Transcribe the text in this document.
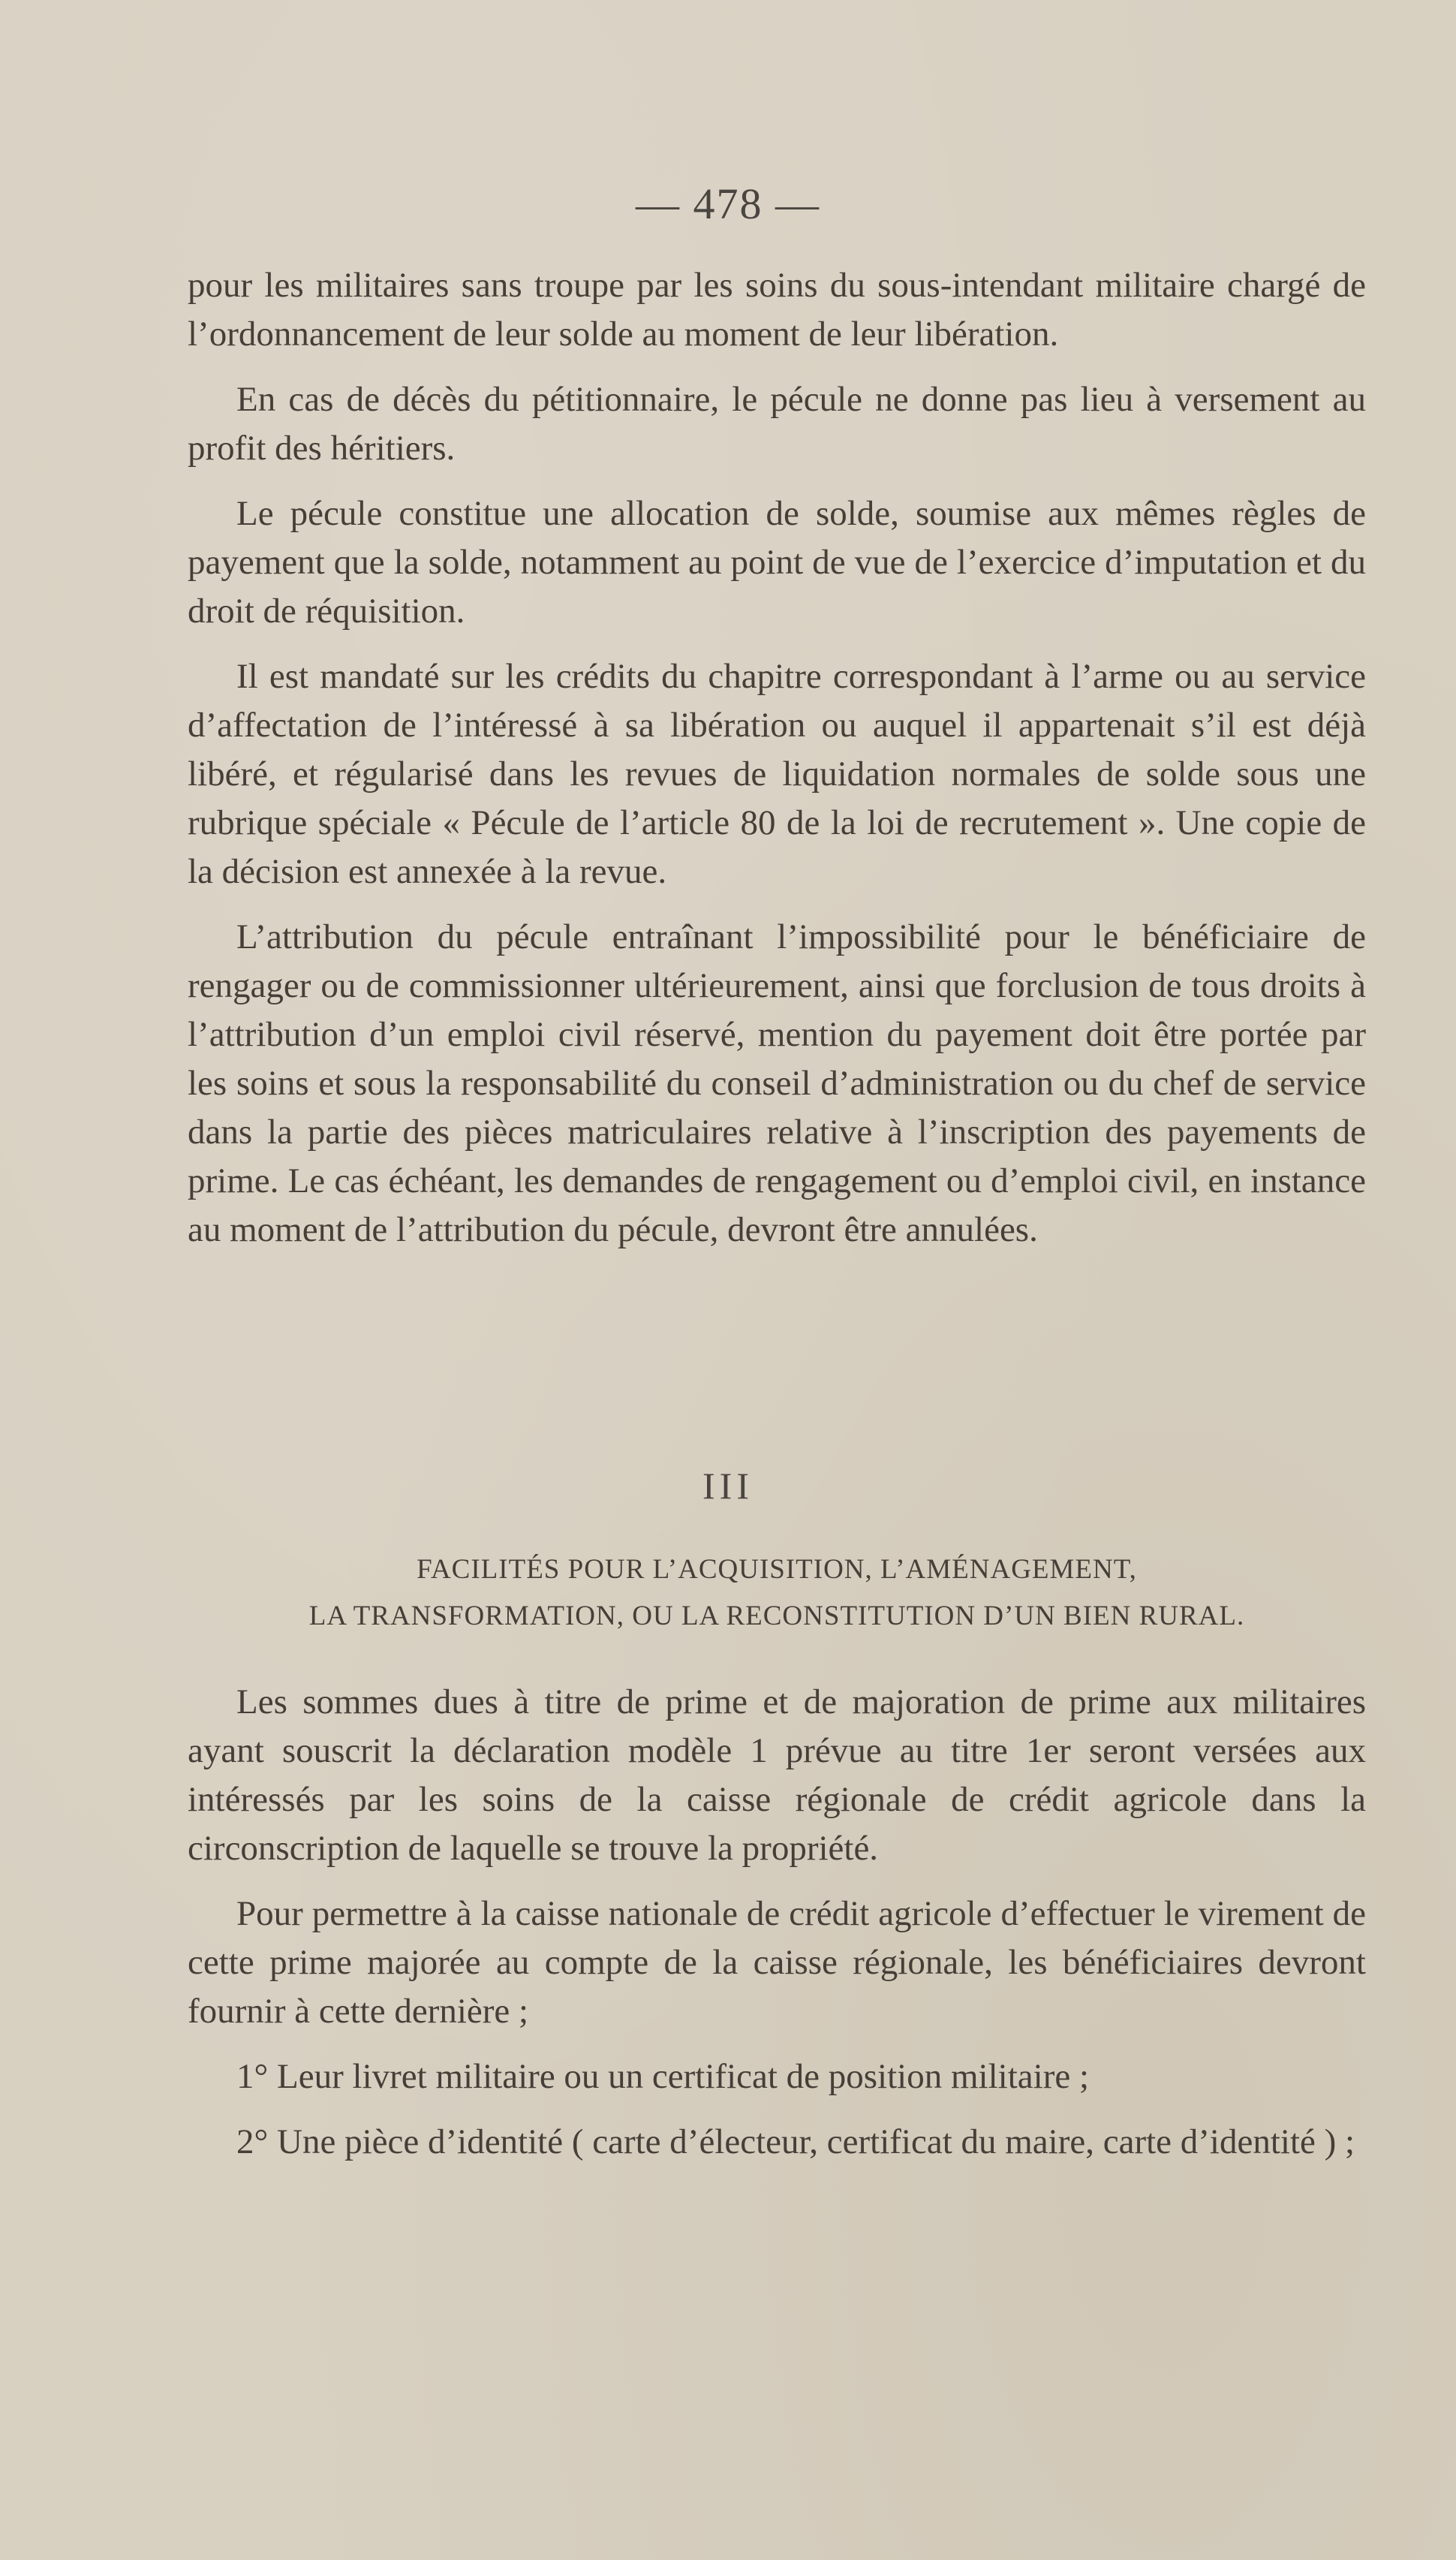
— 478 —

pour les militaires sans troupe par les soins du sous-intendant militaire chargé de l’ordonnancement de leur solde au moment de leur libération.

En cas de décès du pétitionnaire, le pécule ne donne pas lieu à versement au profit des héritiers.

Le pécule constitue une allocation de solde, soumise aux mêmes règles de payement que la solde, notamment au point de vue de l’exercice d’imputation et du droit de réquisition.

Il est mandaté sur les crédits du chapitre correspondant à l’arme ou au service d’affectation de l’intéressé à sa libération ou auquel il appartenait s’il est déjà libéré, et régularisé dans les revues de liquidation normales de solde sous une rubrique spéciale « Pécule de l’article 80 de la loi de recrutement ». Une copie de la décision est annexée à la revue.

L’attribution du pécule entraînant l’impossibilité pour le bénéficiaire de rengager ou de commissionner ultérieurement, ainsi que forclusion de tous droits à l’attribution d’un emploi civil réservé, mention du payement doit être portée par les soins et sous la responsabilité du conseil d’administration ou du chef de service dans la partie des pièces matriculaires relative à l’inscription des payements de prime. Le cas échéant, les demandes de rengagement ou d’emploi civil, en instance au moment de l’attribution du pécule, devront être annulées.

III
FACILITÉS POUR L’ACQUISITION, L’AMÉNAGEMENT,
LA TRANSFORMATION, OU LA RECONSTITUTION D’UN BIEN RURAL.

Les sommes dues à titre de prime et de majoration de prime aux militaires ayant souscrit la déclaration modèle 1 prévue au titre 1er seront versées aux intéressés par les soins de la caisse régionale de crédit agricole dans la circonscription de laquelle se trouve la propriété.

Pour permettre à la caisse nationale de crédit agricole d’effectuer le virement de cette prime majorée au compte de la caisse régionale, les bénéficiaires devront fournir à cette dernière ;

1° Leur livret militaire ou un certificat de position militaire ;

2° Une pièce d’identité ( carte d’électeur, certificat du maire, carte d’identité ) ;
